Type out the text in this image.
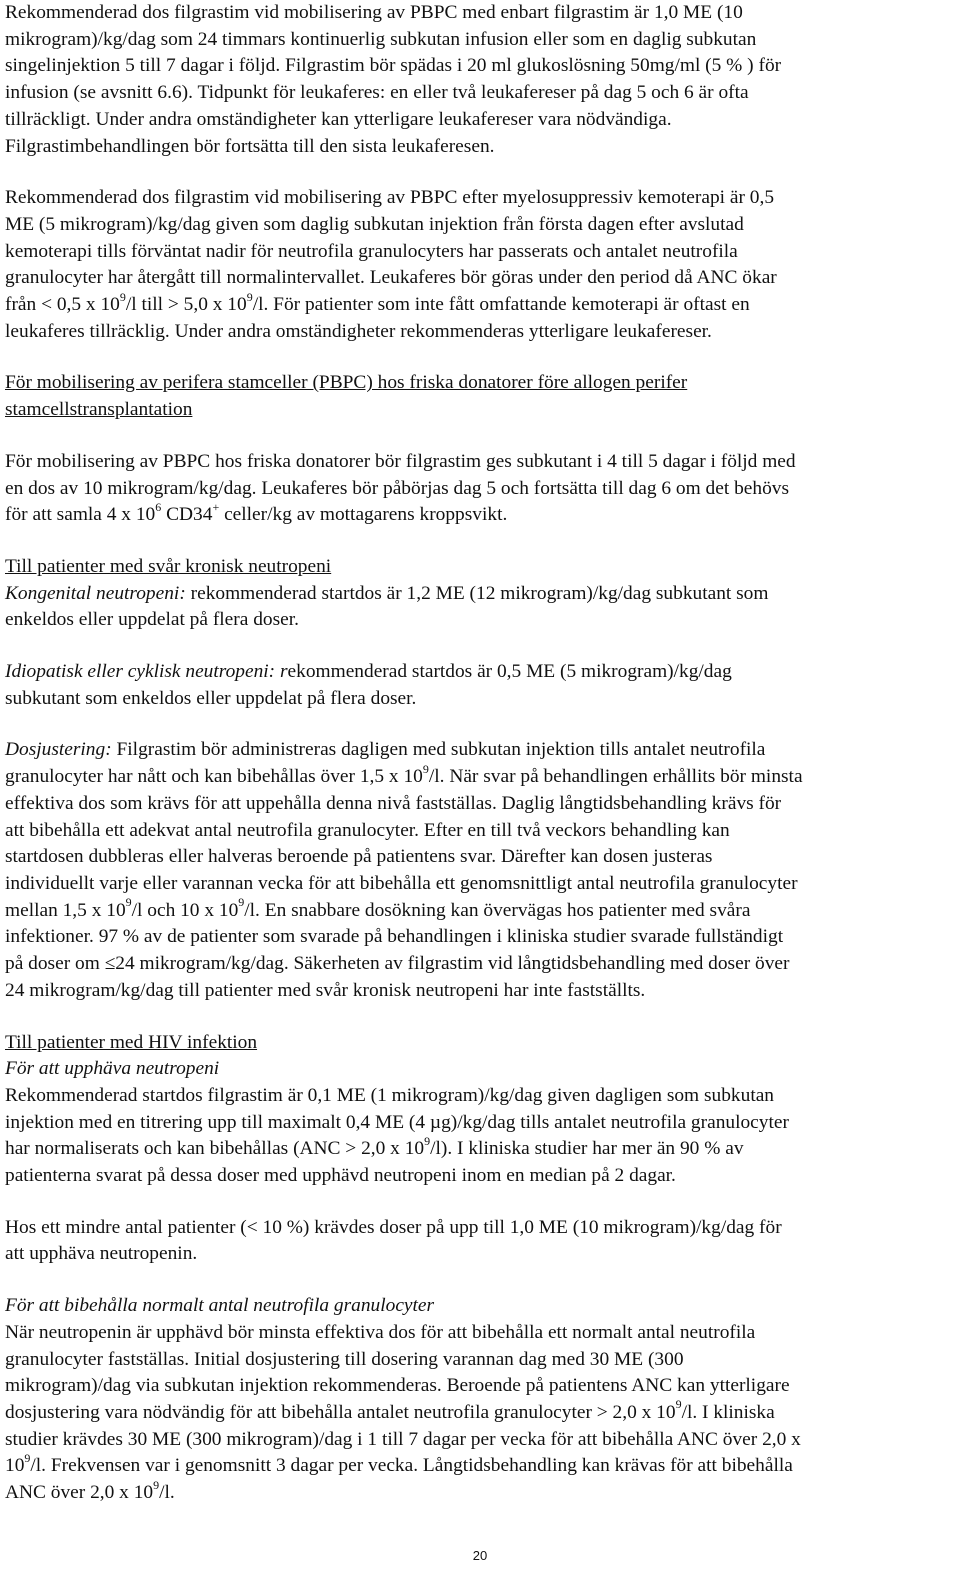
Rekommenderad dos filgrastim vid mobilisering av PBPC med enbart filgrastim är 1,0 ME (10
mikrogram)/kg/dag som 24 timmars kontinuerlig subkutan infusion eller som en daglig subkutan
singelinjektion 5 till 7 dagar i följd. Filgrastim bör spädas i 20 ml glukoslösning 50mg/ml (5 % ) för
infusion (se avsnitt 6.6). Tidpunkt för leukaferes: en eller två leukafereser på dag 5 och 6 är ofta
tillräckligt. Under andra omständigheter kan ytterligare leukafereser vara nödvändiga.
Filgrastimbehandlingen bör fortsätta till den sista leukaferesen.

Rekommenderad dos filgrastim vid mobilisering av PBPC efter myelosuppressiv kemoterapi är 0,5
ME (5 mikrogram)/kg/dag given som daglig subkutan injektion från första dagen efter avslutad
kemoterapi tills förväntat nadir för neutrofila granulocyters har passerats och antalet neutrofila
granulocyter har återgått till normalintervallet. Leukaferes bör göras under den period då ANC ökar
från < 0,5 x $10^9/l$ till > 5,0 x $10^9/l$. För patienter som inte fått omfattande kemoterapi är oftast en
leukaferes tillräcklig. Under andra omständigheter rekommenderas ytterligare leukafereser.

För mobilisering av perifera stamceller (PBPC) hos friska donatorer före allogen perifer
stamcellstransplantation

För mobilisering av PBPC hos friska donatorer bör filgrastim ges subkutant i 4 till 5 dagar i följd med
en dos av 10 mikrogram/kg/dag. Leukaferes bör påbörjas dag 5 och fortsätta till dag 6 om det behövs
för att samla 4 x $10^6$ CD34+ celler/kg av mottagarens kroppsvikt.

Till patienter med svår kronisk neutropeni

Kongenital neutropeni: rekommenderad startdos är 1,2 ME (12 mikrogram)/kg/dag subkutant som
enkeldos eller uppdelat på flera doser.

Idiopatisk eller cyklisk neutropeni: rekommenderad startdos är 0,5 ME (5 mikrogram)/kg/dag
subkutant som enkeldos eller uppdelat på flera doser.

Dosjustering: Filgrastim bör administreras dagligen med subkutan injektion tills antalet neutrofila
granulocyter har nått och kan bibehållas över 1,5 x $10^9/l$. När svar på behandlingen erhållits bör minsta
effektiva dos som krävs för att uppehålla denna nivå fastställas. Daglig långtidsbehandling krävs för
att bibehålla ett adekvat antal neutrofila granulocyter. Efter en till två veckors behandling kan
startdosen dubbleras eller halveras beroende på patientens svar. Därefter kan dosen justeras
individuellt varje eller varannan vecka för att bibehålla ett genomsnittligt antal neutrofila granulocyter
mellan 1,5 x $10^9/l$ och 10 x $10^9/l$. En snabbare dosökning kan övervägas hos patienter med svåra
infektioner. 97 % av de patienter som svarade på behandlingen i kliniska studier svarade fullständigt
på doser om ≤24 mikrogram/kg/dag. Säkerheten av filgrastim vid långtidsbehandling med doser över
24 mikrogram/kg/dag till patienter med svår kronisk neutropeni har inte fastställts.

Till patienter med HIV infektion

För att upphäva neutropeni

Rekommenderad startdos filgrastim är 0,1 ME (1 mikrogram)/kg/dag given dagligen som subkutan
injektion med en titrering upp till maximalt 0,4 ME (4 µg)/kg/dag tills antalet neutrofila granulocyter
har normaliserats och kan bibehållas (ANC > 2,0 x $10^9/l$). I kliniska studier har mer än 90 % av
patienterna svarat på dessa doser med upphävd neutropeni inom en median på 2 dagar.

Hos ett mindre antal patienter (< 10 %) krävdes doser på upp till 1,0 ME (10 mikrogram)/kg/dag för
att upphäva neutropenin.

För att bibehålla normalt antal neutrofila granulocyter

När neutropenin är upphävd bör minsta effektiva dos för att bibehålla ett normalt antal neutrofila
granulocyter fastställas. Initial dosjustering till dosering varannan dag med 30 ME (300
mikrogram)/dag via subkutan injektion rekommenderas. Beroende på patientens ANC kan ytterligare
dosjustering vara nödvändig för att bibehålla antalet neutrofila granulocyter > 2,0 x $10^9/l$. I kliniska
studier krävdes 30 ME (300 mikrogram)/dag i 1 till 7 dagar per vecka för att bibehålla ANC över 2,0 x
$10^9/l$. Frekvensen var i genomsnitt 3 dagar per vecka. Långtidsbehandling kan krävas för att bibehålla
ANC över 2,0 x $10^9/l$.

20
